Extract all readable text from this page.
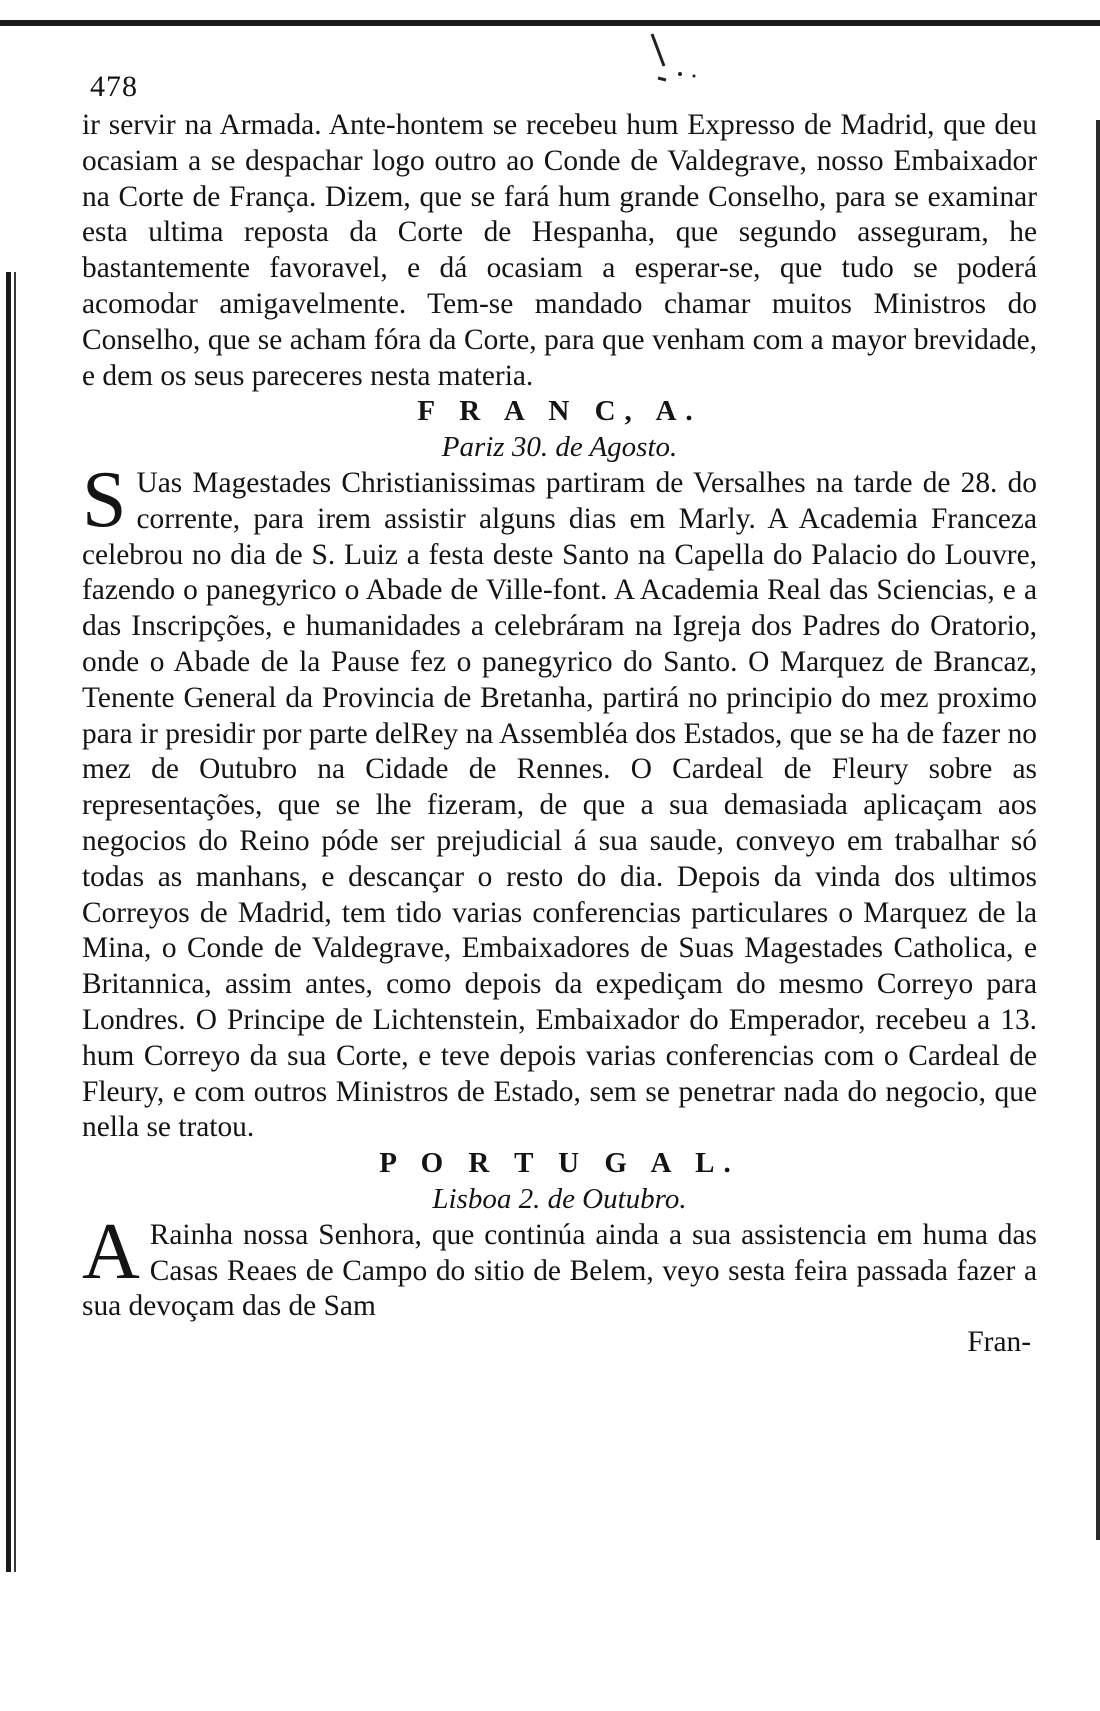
478

ir servir na Armada. Ante-hontem se recebeu hum Expresso de Madrid, que deu ocasiam a se despachar logo outro ao Conde de Valdegrave, nosso Embaixador na Corte de França. Dizem, que se fará hum grande Conselho, para se examinar esta ultima reposta da Corte de Hespanha, que segundo asseguram, he bastantemente favoravel, e dá ocasiam a esperar-se, que tudo se poderá acomodar amigavelmente. Tem-se mandado chamar muitos Ministros do Conselho, que se acham fóra da Corte, para que venham com a mayor brevidade, e dem os seus pareceres nesta materia.

F R A N C, A.

Pariz 30. de Agosto.

S Uas Magestades Christianissimas partiram de Versalhes na tarde de 28. do corrente, para irem assistir alguns dias em Marly. A Academia Franceza celebrou no dia de S. Luiz a festa deste Santo na Capella do Palacio do Louvre, fazendo o panegyrico o Abade de Ville-font. A Academia Real das Sciencias, e a das Inscripções, e humanidades a celebráram na Igreja dos Padres do Oratorio, onde o Abade de la Pause fez o panegyrico do Santo. O Marquez de Brancaz, Tenente General da Provincia de Bretanha, partirá no principio do mez proximo para ir presidir por parte delRey na Assembléa dos Estados, que se ha de fazer no mez de Outubro na Cidade de Rennes. O Cardeal de Fleury sobre as representações, que se lhe fizeram, de que a sua demasiada aplicaçam aos negocios do Reino póde ser prejudicial á sua saude, conveyo em trabalhar só todas as manhans, e descançar o resto do dia. Depois da vinda dos ultimos Correyos de Madrid, tem tido varias conferencias particulares o Marquez de la Mina, o Conde de Valdegrave, Embaixadores de Suas Magestades Catholica, e Britannica, assim antes, como depois da expediçam do mesmo Correyo para Londres. O Principe de Lichtenstein, Embaixador do Emperador, recebeu a 13. hum Correyo da sua Corte, e teve depois varias conferencias com o Cardeal de Fleury, e com outros Ministros de Estado, sem se penetrar nada do negocio, que nella se tratou.

P O R T U G A L.

Lisboa 2. de Outubro.

A Rainha nossa Senhora, que continúa ainda a sua assistencia em huma das Casas Reaes de Campo do sitio de Belem, veyo sesta feira passada fazer a sua devoçam das de Sam

Fran-
